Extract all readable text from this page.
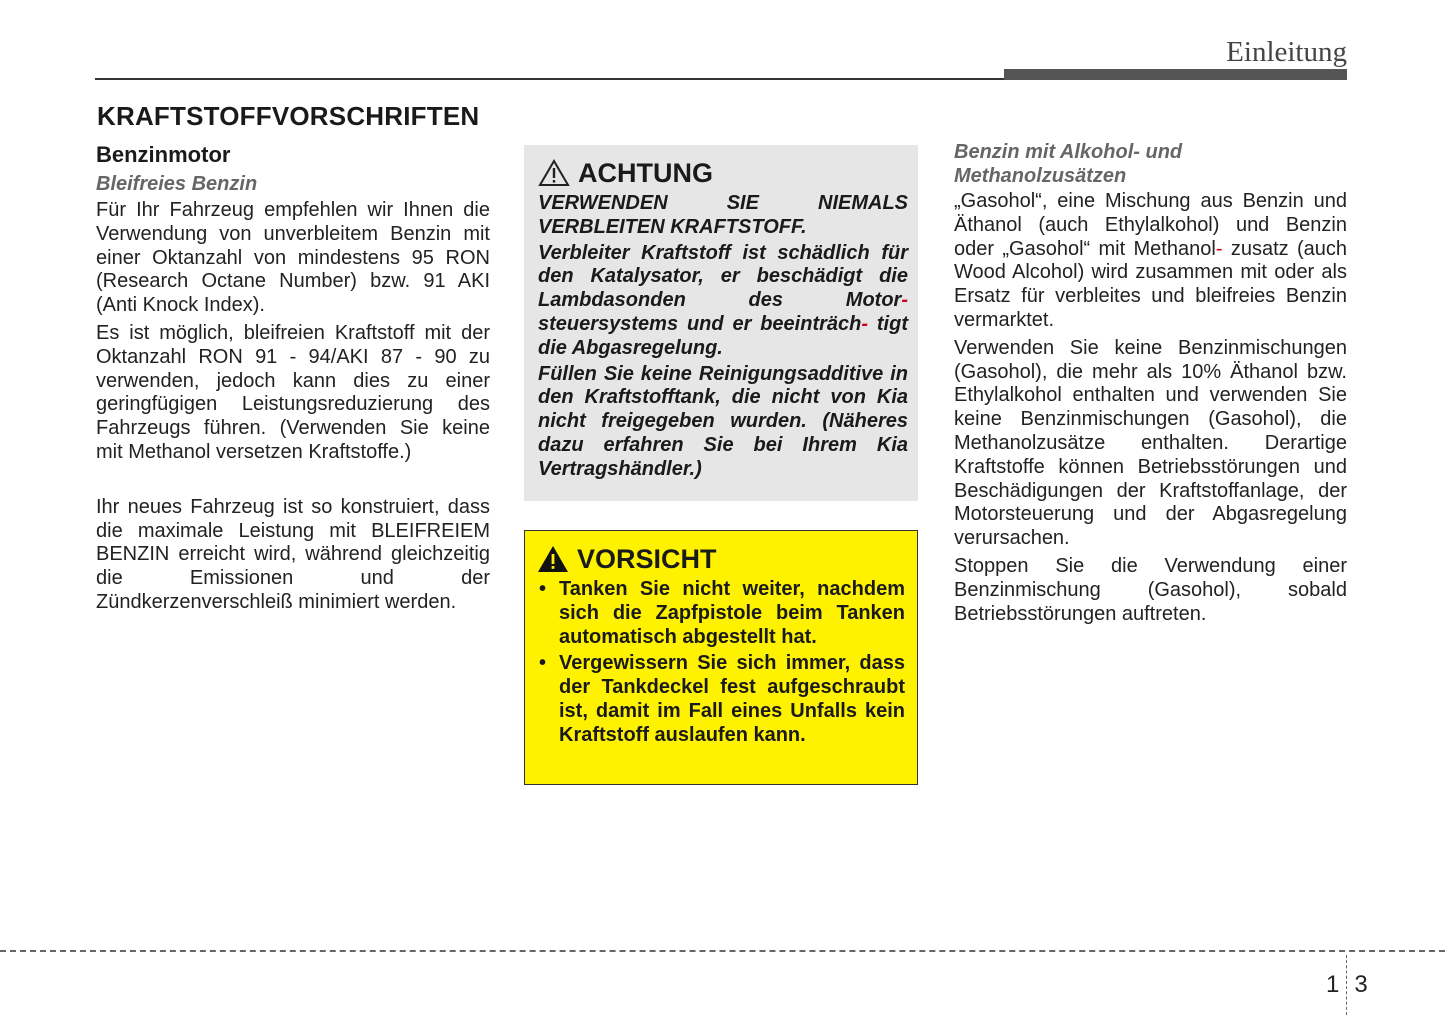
Einleitung
KRAFTSTOFFVORSCHRIFTEN
Benzinmotor
Bleifreies Benzin

Für Ihr Fahrzeug empfehlen wir Ihnen die Verwendung von unverbleitem Benzin mit einer Oktanzahl von mindestens 95 RON (Research Octane Number) bzw. 91 AKI (Anti Knock Index).

Es ist möglich, bleifreien Kraftstoff mit der Oktanzahl RON 91 - 94/AKI 87 - 90 zu verwenden, jedoch kann dies zu einer geringfügigen Leistungsreduzierung des Fahrzeugs führen. (Verwenden Sie keine mit Methanol versetzen Kraftstoffe.)

Ihr neues Fahrzeug ist so konstruiert, dass die maximale Leistung mit BLEIFREIEM BENZIN erreicht wird, während gleichzeitig die Emissionen und der Zündkerzenverschleiß minimiert werden.

ACHTUNG

VERWENDEN SIE NIEMALS VERBLEITEN KRAFTSTOFF.

Verbleiter Kraftstoff ist schädlich für den Katalysator, er beschädigt die Lambdasonden des Motor- steuersystems und er beeinträch- tigt die Abgasregelung.

Füllen Sie keine Reinigungsadditive in den Kraftstofftank, die nicht von Kia nicht freigegeben wurden. (Näheres dazu erfahren Sie bei Ihrem Kia Vertragshändler.)

VORSICHT
• Tanken Sie nicht weiter, nachdem sich die Zapfpistole beim Tanken automatisch abgestellt hat.
• Vergewissern Sie sich immer, dass der Tankdeckel fest aufgeschraubt ist, damit im Fall eines Unfalls kein Kraftstoff auslaufen kann.
Benzin mit Alkohol- und Methanolzusätzen

„Gasohol“, eine Mischung aus Benzin und Äthanol (auch Ethylalkohol) und Benzin oder „Gasohol“ mit Methanol- zusatz (auch Wood Alcohol) wird zusammen mit oder als Ersatz für verbleites und bleifreies Benzin vermarktet.

Verwenden Sie keine Benzinmischungen (Gasohol), die mehr als 10% Äthanol bzw. Ethylalkohol enthalten und verwenden Sie keine Benzinmischungen (Gasohol), die Methanolzusätze enthalten. Derartige Kraftstoffe können Betriebsstörungen und Beschädigungen der Kraftstoffanlage, der Motorsteuerung und der Abgasregelung verursachen.

Stoppen Sie die Verwendung einer Benzinmischung (Gasohol), sobald Betriebsstörungen auftreten.

1 3
